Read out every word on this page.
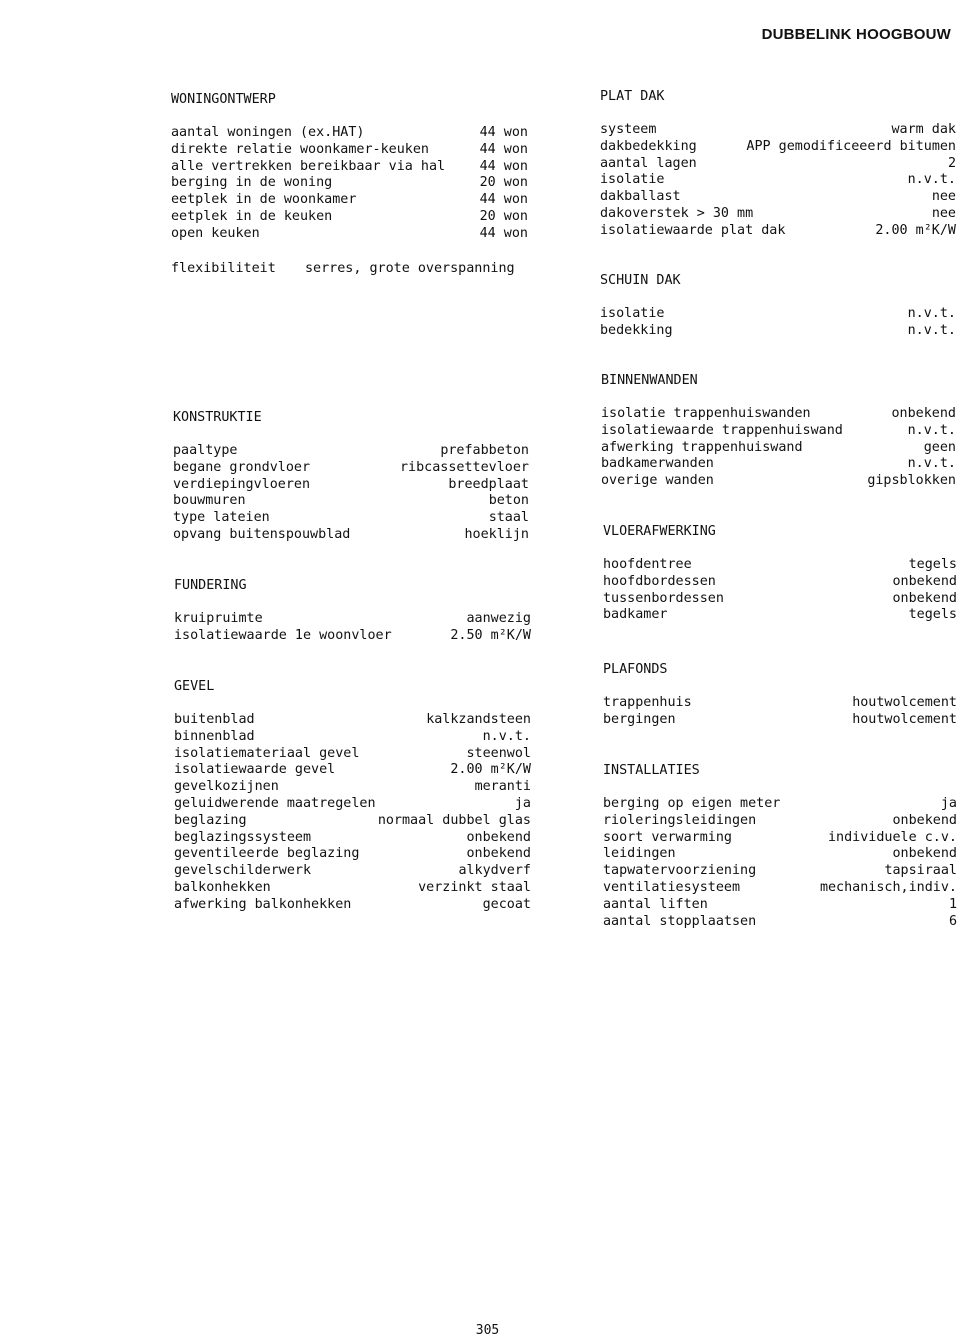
DUBBELINK HOOGBOUW
WONINGONTWERP
aantal woningen (ex.HAT)	44 won
direkte relatie woonkamer-keuken	44 won
alle vertrekken bereikbaar via hal	44 won
berging in de woning	20 won
eetplek in de woonkamer	44 won
eetplek in de keuken	20 won
open keuken	44 won
flexibiliteit	serres, grote overspanning
KONSTRUKTIE
paaltype	prefabbeton
begane grondvloer	ribcassettevloer
verdiepingvloeren	breedplaat
bouwmuren	beton
type lateien	staal
opvang buitenspouwblad	hoeklijn
FUNDERING
kruipruimte	aanwezig
isolatiewaarde 1e woonvloer	2.50 m²K/W
GEVEL
buitenblad	kalkzandsteen
binnenblad	n.v.t.
isolatiemateriaal gevel	steenwol
isolatiewaarde gevel	2.00 m²K/W
gevelkozijnen	meranti
geluidwerende maatregelen	ja
beglazing	normaal dubbel glas
beglazingssysteem	onbekend
geventileerde beglazing	onbekend
gevelschilderwerk	alkydverf
balkonhekken	verzinkt staal
afwerking balkonhekken	gecoat
PLAT DAK
systeem	warm dak
dakbedekking	APP gemodificeeerd bitumen
aantal lagen	2
isolatie	n.v.t.
dakballast	nee
dakoverstek > 30 mm	nee
isolatiewaarde plat dak	2.00 m²K/W
SCHUIN DAK
isolatie	n.v.t.
bedekking	n.v.t.
BINNENWANDEN
isolatie trappenhuiswanden	onbekend
isolatiewaarde trappenhuiswand	n.v.t.
afwerking trappenhuiswand	geen
badkamerwanden	n.v.t.
overige wanden	gipsblokken
VLOERAFWERKING
hoofdentree	tegels
hoofdbordessen	onbekend
tussenbordessen	onbekend
badkamer	tegels
PLAFONDS
trappenhuis	houtwolcement
bergingen	houtwolcement
INSTALLATIES
berging op eigen meter	ja
rioleringsleidingen	onbekend
soort verwarming	individuele c.v.
leidingen	onbekend
tapwatervoorziening	tapsiraal
ventilatiesysteem	mechanisch,indiv.
aantal liften	1
aantal stopplaatsen	6
305
